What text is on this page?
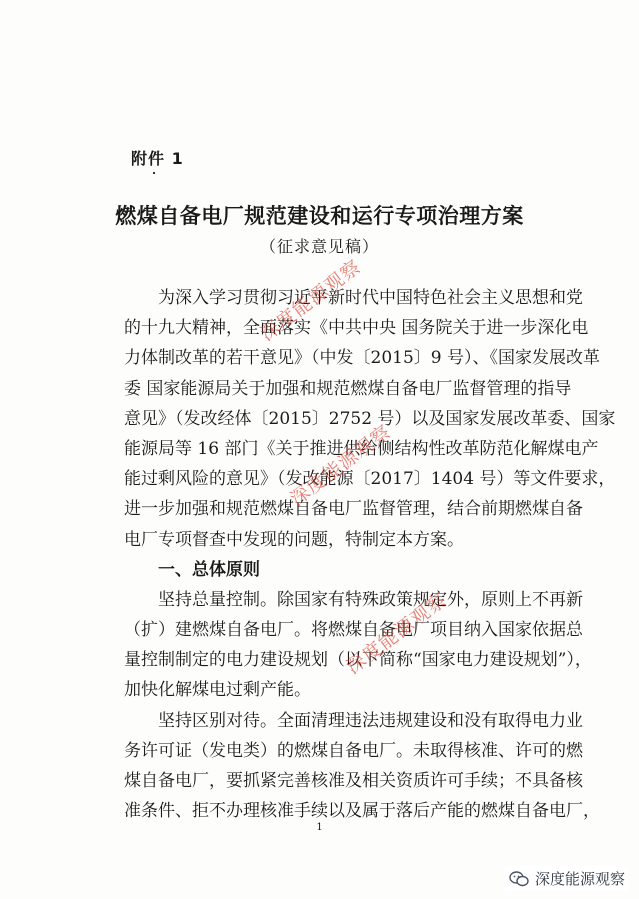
附件 1
燃煤自备电厂规范建设和运行专项治理方案
（征求意见稿）
为深入学习贯彻习近平新时代中国特色社会主义思想和党
的十九大精神，全面落实《中共中央 国务院关于进一步深化电
力体制改革的若干意见》（中发〔2015〕9 号）、《国家发展改革
委 国家能源局关于加强和规范燃煤自备电厂监督管理的指导
意见》（发改经体〔2015〕2752 号）以及国家发展改革委、国家
能源局等 16 部门《关于推进供给侧结构性改革防范化解煤电产
能过剩风险的意见》（发改能源〔2017〕1404 号）等文件要求，
进一步加强和规范燃煤自备电厂监督管理，结合前期燃煤自备
电厂专项督查中发现的问题，特制定本方案。
一、总体原则
坚持总量控制。除国家有特殊政策规定外，原则上不再新
（扩）建燃煤自备电厂。将燃煤自备电厂项目纳入国家依据总
量控制制定的电力建设规划（以下简称“国家电力建设规划”），
加快化解煤电过剩产能。
坚持区别对待。全面清理违法违规建设和没有取得电力业
务许可证（发电类）的燃煤自备电厂。未取得核准、许可的燃
煤自备电厂，要抓紧完善核准及相关资质许可手续；不具备核
准条件、拒不办理核准手续以及属于落后产能的燃煤自备电厂，
1
深度能源观察
深度能源观察
深度能源观察
深度能源观察
